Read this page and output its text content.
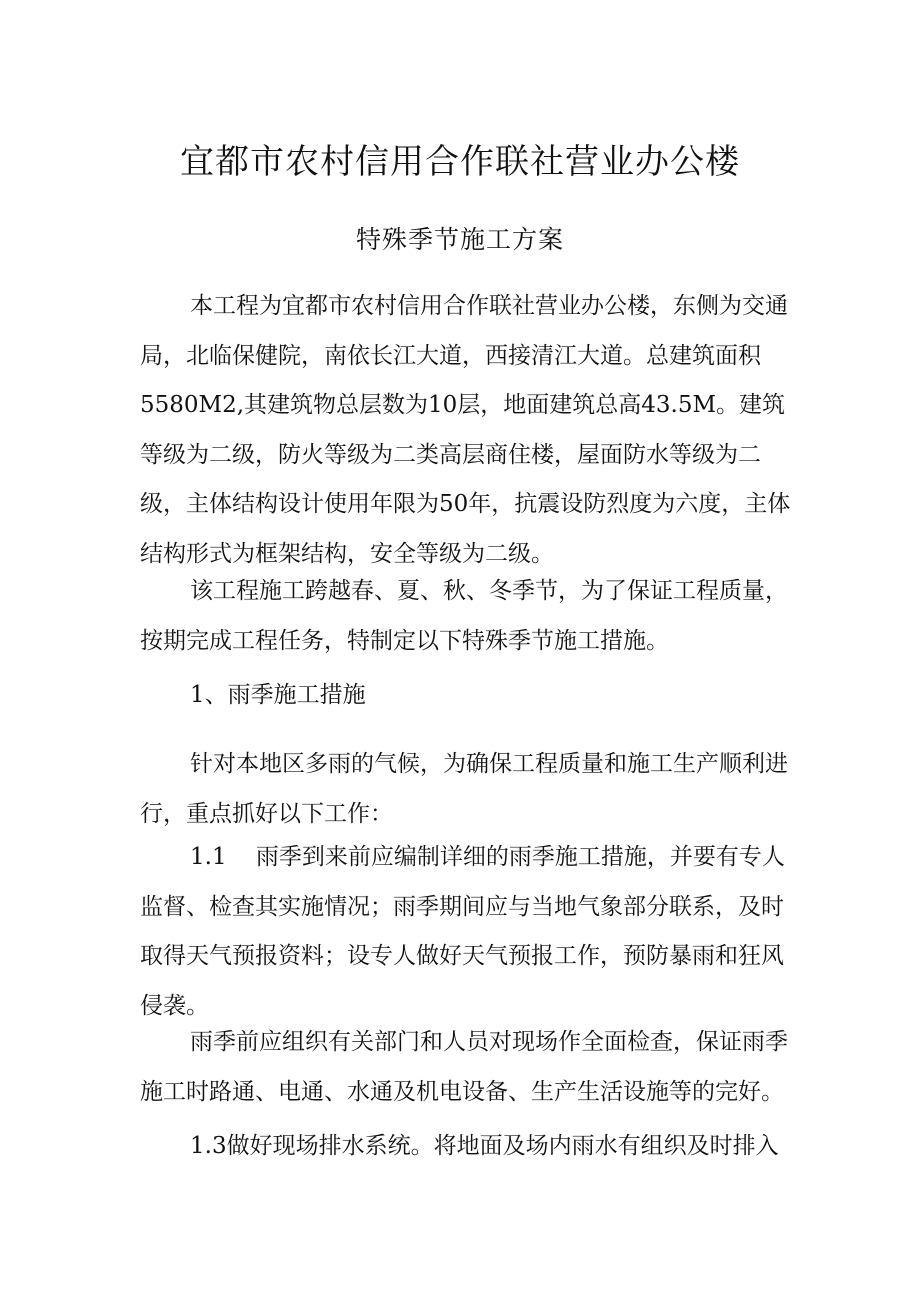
宜都市农村信用合作联社营业办公楼
特殊季节施工方案

本工程为宜都市农村信用合作联社营业办公楼，东侧为交通局，北临保健院，南依长江大道，西接清江大道。总建筑面积5580M2,其建筑物总层数为10层，地面建筑总高43.5M。建筑等级为二级，防火等级为二类高层商住楼，屋面防水等级为二级，主体结构设计使用年限为50年，抗震设防烈度为六度，主体结构形式为框架结构，安全等级为二级。

该工程施工跨越春、夏、秋、冬季节，为了保证工程质量，按期完成工程任务，特制定以下特殊季节施工措施。

1、雨季施工措施

针对本地区多雨的气候，为确保工程质量和施工生产顺利进行，重点抓好以下工作：

1.1 雨季到来前应编制详细的雨季施工措施，并要有专人监督、检查其实施情况；雨季期间应与当地气象部分联系，及时取得天气预报资料；设专人做好天气预报工作，预防暴雨和狂风侵袭。

雨季前应组织有关部门和人员对现场作全面检查，保证雨季施工时路通、电通、水通及机电设备、生产生活设施等的完好。

1.3做好现场排水系统。将地面及场内雨水有组织及时排入
